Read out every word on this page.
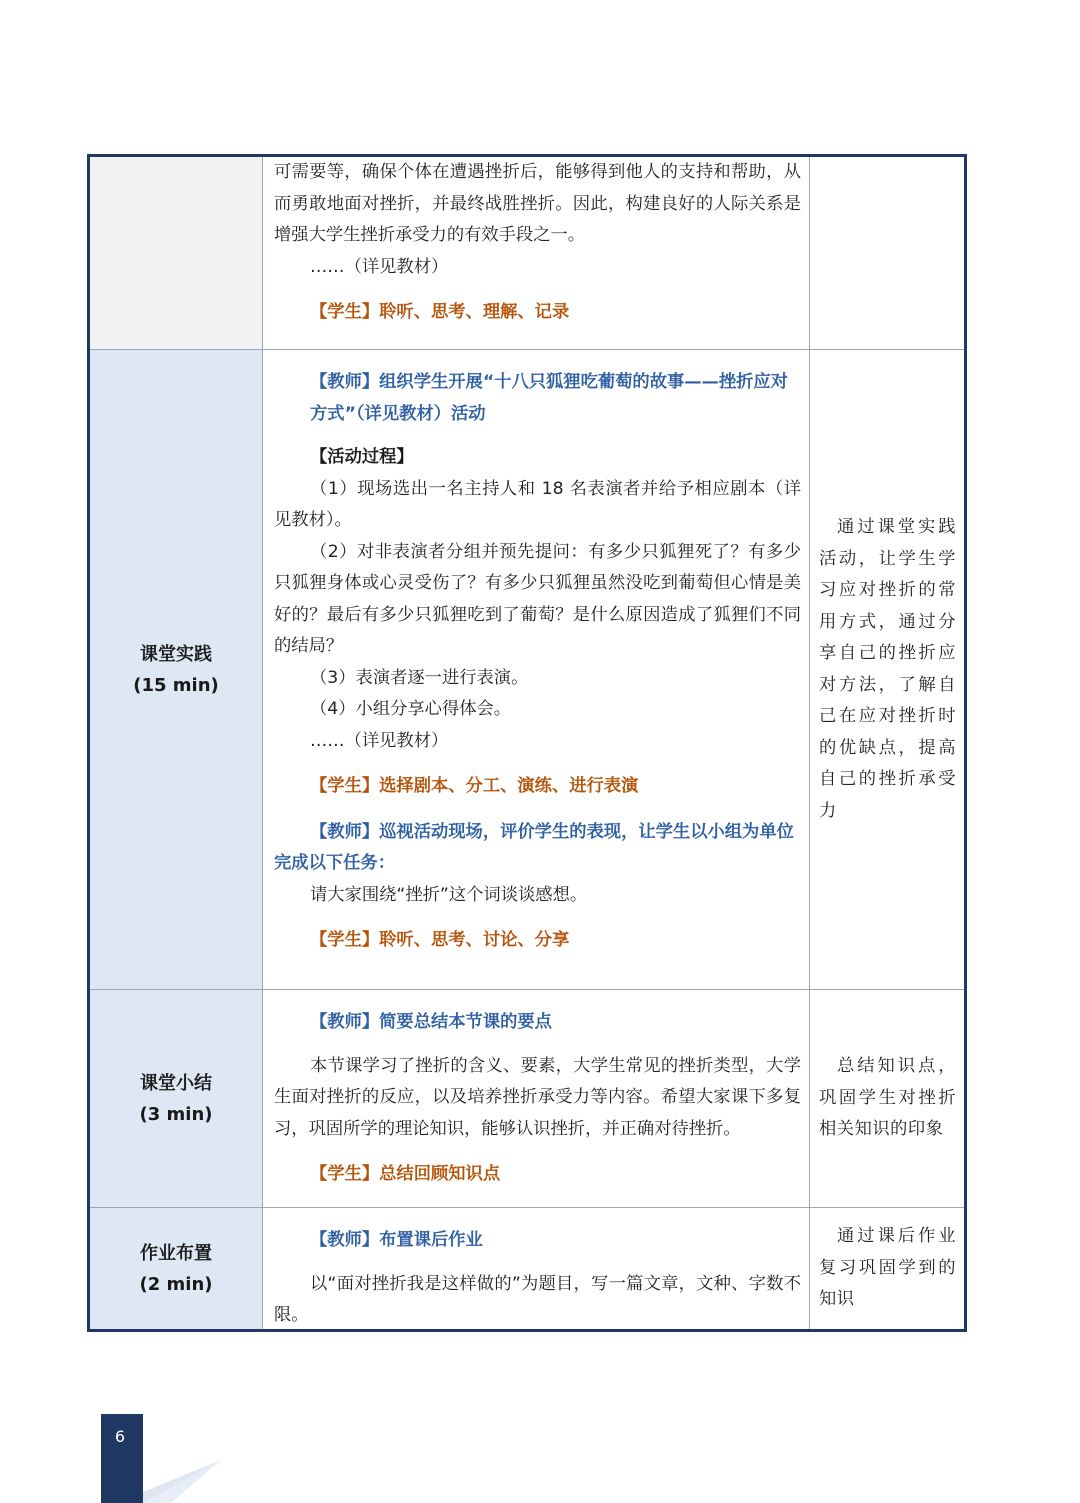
可需要等，确保个体在遭遇挫折后，能够得到他人的支持和帮助，从而勇敢地面对挫折，并最终战胜挫折。因此，构建良好的人际关系是增强大学生挫折承受力的有效手段之一。

……（详见教材）

【学生】聆听、思考、理解、记录

课堂实践
(15 min)

【教师】组织学生开展“十八只狐狸吃葡萄的故事——挫折应对方式”（详见教材）活动

【活动过程】

（1）现场选出一名主持人和 18 名表演者并给予相应剧本（详见教材）。

（2）对非表演者分组并预先提问：有多少只狐狸死了？有多少只狐狸身体或心灵受伤了？有多少只狐狸虽然没吃到葡萄但心情是美好的？最后有多少只狐狸吃到了葡萄？是什么原因造成了狐狸们不同的结局？

（3）表演者逐一进行表演。

（4）小组分享心得体会。

……（详见教材）

【学生】选择剧本、分工、演练、进行表演

【教师】巡视活动现场，评价学生的表现，让学生以小组为单位完成以下任务：

请大家围绕“挫折”这个词谈谈感想。

【学生】聆听、思考、讨论、分享

通过课堂实践活动，让学生学习应对挫折的常用方式，通过分享自己的挫折应对方法，了解自己在应对挫折时的优缺点，提高自己的挫折承受力

课堂小结
(3 min)

【教师】简要总结本节课的要点

本节课学习了挫折的含义、要素，大学生常见的挫折类型，大学生面对挫折的反应，以及培养挫折承受力等内容。希望大家课下多复习，巩固所学的理论知识，能够认识挫折，并正确对待挫折。

【学生】总结回顾知识点

总结知识点，巩固学生对挫折相关知识的印象

作业布置
(2 min)

【教师】布置课后作业

以“面对挫折我是这样做的”为题目，写一篇文章，文种、字数不限。

通过课后作业复习巩固学到的知识

6
